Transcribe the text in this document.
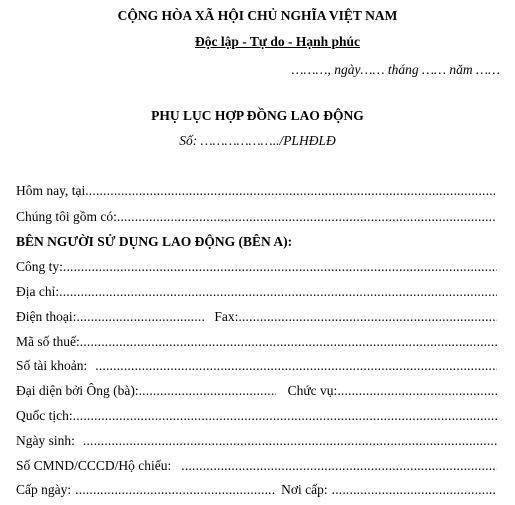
CỘNG HÒA XÃ HỘI CHỦ NGHĨA VIỆT NAM
Độc lập - Tự do - Hạnh phúc
………, ngày…… tháng …… năm ……
PHỤ LỤC HỢP ĐỒNG LAO ĐỘNG
Số: ………………../PLHĐLĐ
Hôm nay, tại
.....
Chúng tôi gồm có:
.....
BÊN NGƯỜI SỬ DỤNG LAO ĐỘNG (BÊN A):
Công ty:
.....
Địa chỉ:
.....
Điện thoại: .....	Fax:
.....
Mã số thuế:
.....
Số tài khoản:
.....
Đại diện bởi Ông (bà): .....	Chức vụ:
.....
Quốc tịch:
.....
Ngày sinh:
.....
Số CMND/CCCD/Hộ chiếu:
.....
Cấp ngày: .....	Nơi cấp:
.....
